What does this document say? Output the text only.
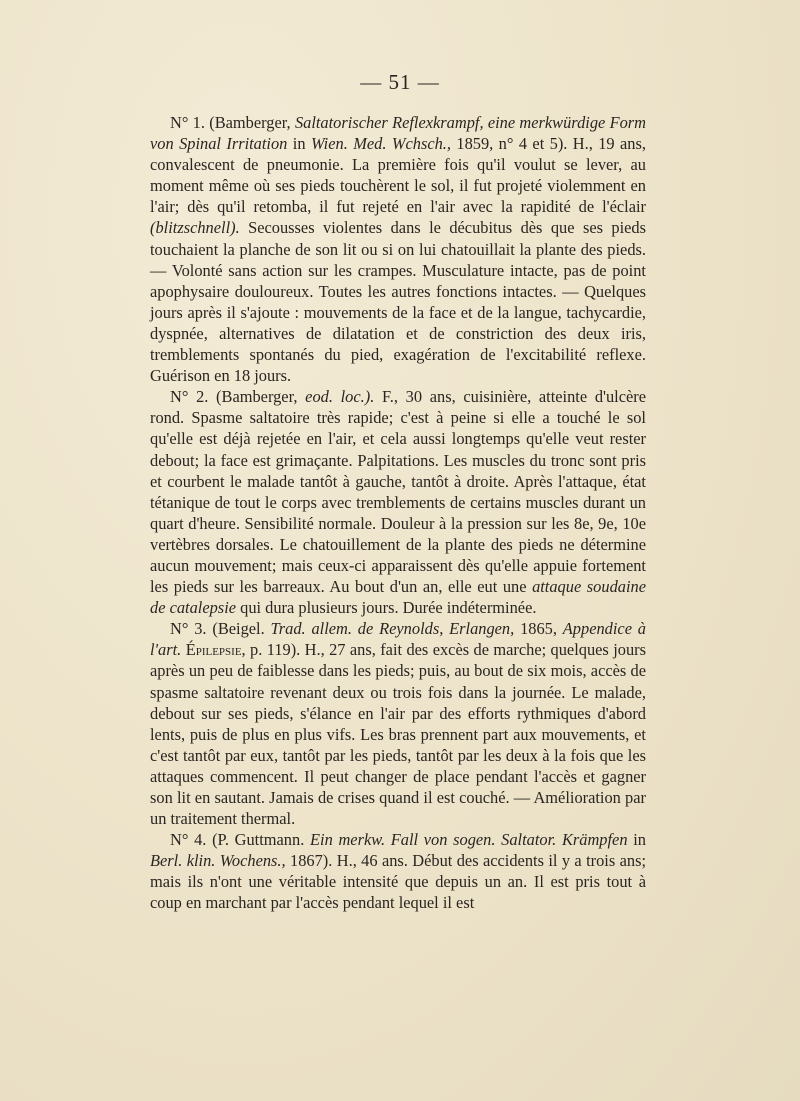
— 51 —

N° 1. (Bamberger, Saltatorischer Reflexkrampf, eine merkwürdige Form von Spinal Irritation in Wien. Med. Wchsch., 1859, n° 4 et 5). H., 19 ans, convalescent de pneumonie. La première fois qu'il voulut se lever, au moment même où ses pieds touchèrent le sol, il fut projeté violemment en l'air; dès qu'il retomba, il fut rejeté en l'air avec la rapidité de l'éclair (blitzschnell). Secousses violentes dans le décubitus dès que ses pieds touchaient la planche de son lit ou si on lui chatouillait la plante des pieds. — Volonté sans action sur les crampes. Musculature intacte, pas de point apophysaire douloureux. Toutes les autres fonctions intactes. — Quelques jours après il s'ajoute : mouvements de la face et de la langue, tachycardie, dyspnée, alternatives de dilatation et de constriction des deux iris, tremblements spontanés du pied, exagération de l'excitabilité reflexe. Guérison en 18 jours.

N° 2. (Bamberger, eod. loc.). F., 30 ans, cuisinière, atteinte d'ulcère rond. Spasme saltatoire très rapide; c'est à peine si elle a touché le sol qu'elle est déjà rejetée en l'air, et cela aussi longtemps qu'elle veut rester debout; la face est grimaçante. Palpitations. Les muscles du tronc sont pris et courbent le malade tantôt à gauche, tantôt à droite. Après l'attaque, état tétanique de tout le corps avec tremblements de certains muscles durant un quart d'heure. Sensibilité normale. Douleur à la pression sur les 8e, 9e, 10e vertèbres dorsales. Le chatouillement de la plante des pieds ne détermine aucun mouvement; mais ceux-ci apparaissent dès qu'elle appuie fortement les pieds sur les barreaux. Au bout d'un an, elle eut une attaque soudaine de catalepsie qui dura plusieurs jours. Durée indéterminée.

N° 3. (Beigel. Trad. allem. de Reynolds, Erlangen, 1865, Appendice à l'art. Épilepsie, p. 119). H., 27 ans, fait des excès de marche; quelques jours après un peu de faiblesse dans les pieds; puis, au bout de six mois, accès de spasme saltatoire revenant deux ou trois fois dans la journée. Le malade, debout sur ses pieds, s'élance en l'air par des efforts rythmiques d'abord lents, puis de plus en plus vifs. Les bras prennent part aux mouvements, et c'est tantôt par eux, tantôt par les pieds, tantôt par les deux à la fois que les attaques commencent. Il peut changer de place pendant l'accès et gagner son lit en sautant. Jamais de crises quand il est couché. — Amélioration par un traitement thermal.

N° 4. (P. Guttmann. Ein merkw. Fall von sogen. Saltator. Krämpfen in Berl. klin. Wochens., 1867). H., 46 ans. Début des accidents il y a trois ans; mais ils n'ont une véritable intensité que depuis un an. Il est pris tout à coup en marchant par l'accès pendant lequel il est
